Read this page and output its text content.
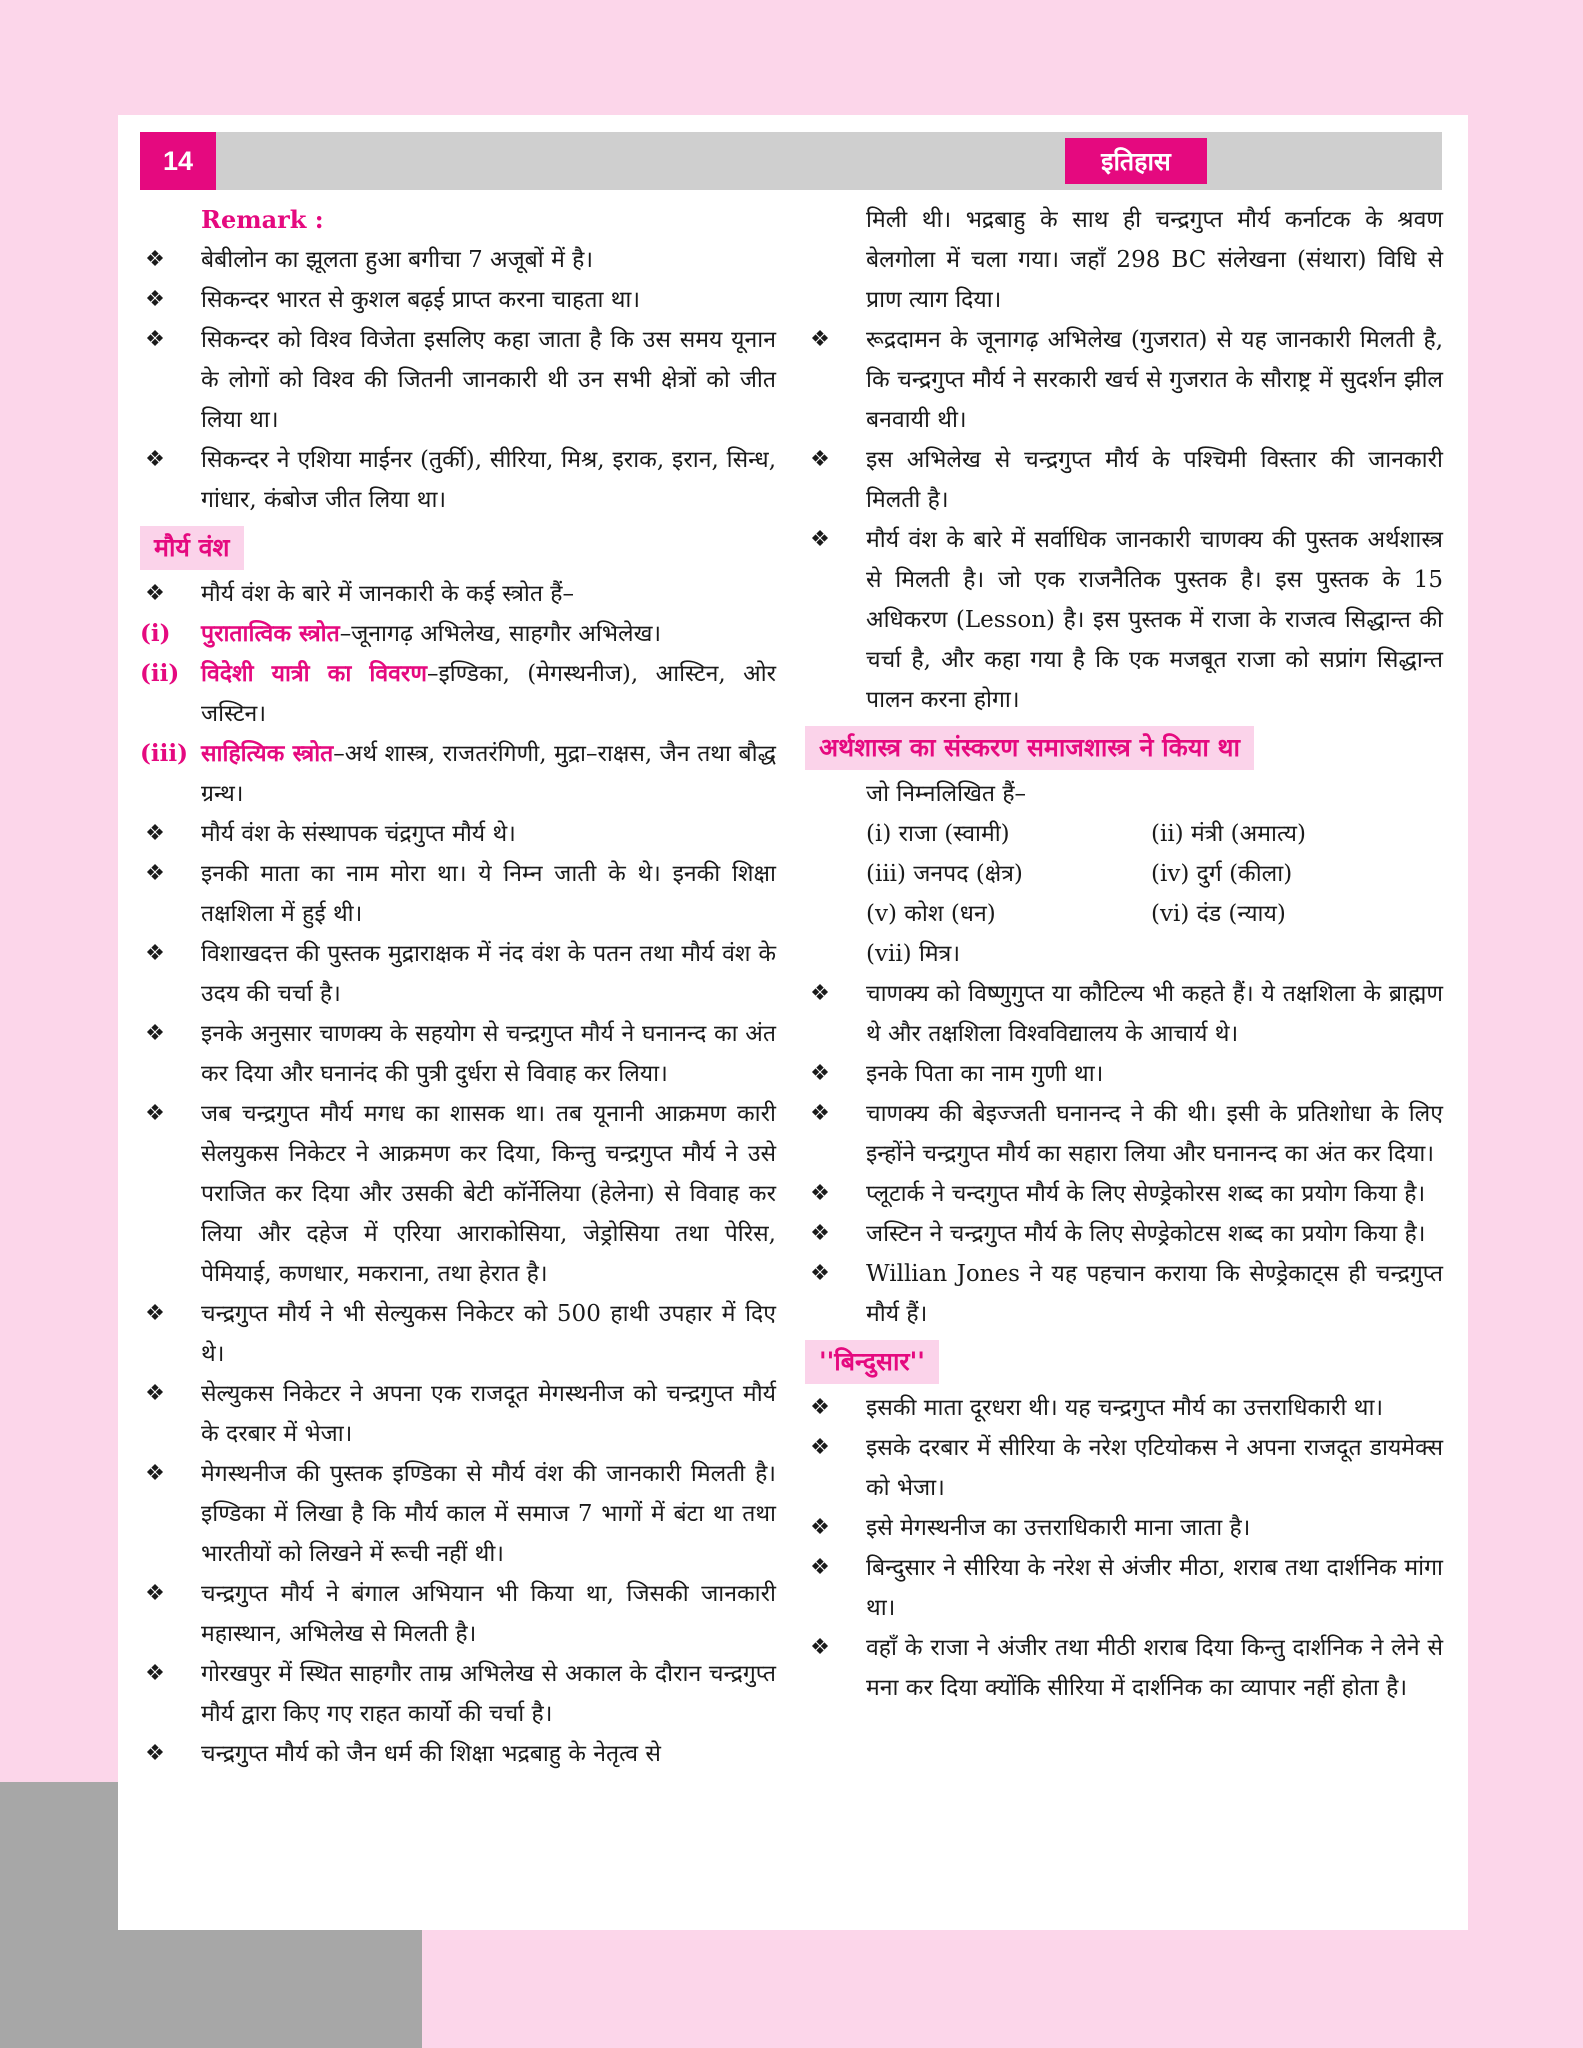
14	इतिहास
Remark :
❖ बेबीलोन का झूलता हुआ बगीचा 7 अजूबों में है।
❖ सिकन्दर भारत से कुशल बढ़ई प्राप्त करना चाहता था।
❖ सिकन्दर को विश्व विजेता इसलिए कहा जाता है कि उस समय यूनान के लोगों को विश्व की जितनी जानकारी थी उन सभी क्षेत्रों को जीत लिया था।
❖ सिकन्दर ने एशिया माईनर (तुर्की), सीरिया, मिश्र, इराक, इरान, सिन्ध, गांधार, कंबोज जीत लिया था।
मौर्य वंश
❖ मौर्य वंश के बारे में जानकारी के कई स्त्रोत हैं–
(i) पुरातात्विक स्त्रोत–जूनागढ़ अभिलेख, साहगौर अभिलेख।
(ii) विदेशी यात्री का विवरण–इण्डिका, (मेगस्थनीज), आस्टिन, ओर जस्टिन।
(iii) साहित्यिक स्त्रोत–अर्थ शास्त्र, राजतरंगिणी, मुद्रा–राक्षस, जैन तथा बौद्ध ग्रन्थ।
❖ मौर्य वंश के संस्थापक चंद्रगुप्त मौर्य थे।
❖ इनकी माता का नाम मोरा था। ये निम्न जाती के थे। इनकी शिक्षा तक्षशिला में हुई थी।
❖ विशाखदत्त की पुस्तक मुद्राराक्षक में नंद वंश के पतन तथा मौर्य वंश के उदय की चर्चा है।
❖ इनके अनुसार चाणक्य के सहयोग से चन्द्रगुप्त मौर्य ने घनानन्द का अंत कर दिया और घनानंद की पुत्री दुर्धरा से विवाह कर लिया।
❖ जब चन्द्रगुप्त मौर्य मगध का शासक था। तब यूनानी आक्रमण कारी सेलयुकस निकेटर ने आक्रमण कर दिया, किन्तु चन्द्रगुप्त मौर्य ने उसे पराजित कर दिया और उसकी बेटी कॉर्नेलिया (हेलेना) से विवाह कर लिया और दहेज में एरिया आराकोसिया, जेड्रोसिया तथा पेरिस, पेमियाई, कणधार, मकराना, तथा हेरात है।
❖ चन्द्रगुप्त मौर्य ने भी सेल्युकस निकेटर को 500 हाथी उपहार में दिए थे।
❖ सेल्युकस निकेटर ने अपना एक राजदूत मेगस्थनीज को चन्द्रगुप्त मौर्य के दरबार में भेजा।
❖ मेगस्थनीज की पुस्तक इण्डिका से मौर्य वंश की जानकारी मिलती है। इण्डिका में लिखा है कि मौर्य काल में समाज 7 भागों में बंटा था तथा भारतीयों को लिखने में रूची नहीं थी।
❖ चन्द्रगुप्त मौर्य ने बंगाल अभियान भी किया था, जिसकी जानकारी महास्थान, अभिलेख से मिलती है।
❖ गोरखपुर में स्थित साहगौर ताम्र अभिलेख से अकाल के दौरान चन्द्रगुप्त मौर्य द्वारा किए गए राहत कार्यो की चर्चा है।
❖ चन्द्रगुप्त मौर्य को जैन धर्म की शिक्षा भद्रबाहु के नेतृत्व से
मिली थी। भद्रबाहु के साथ ही चन्द्रगुप्त मौर्य कर्नाटक के श्रवण बेलगोला में चला गया। जहाँ 298 BC संलेखना (संथारा) विधि से प्राण त्याग दिया।
❖ रूद्रदामन के जूनागढ़ अभिलेख (गुजरात) से यह जानकारी मिलती है, कि चन्द्रगुप्त मौर्य ने सरकारी खर्च से गुजरात के सौराष्ट्र में सुदर्शन झील बनवायी थी।
❖ इस अभिलेख से चन्द्रगुप्त मौर्य के पश्चिमी विस्तार की जानकारी मिलती है।
❖ मौर्य वंश के बारे में सर्वाधिक जानकारी चाणक्य की पुस्तक अर्थशास्त्र से मिलती है। जो एक राजनैतिक पुस्तक है। इस पुस्तक के 15 अधिकरण (Lesson) है। इस पुस्तक में राजा के राजत्व सिद्धान्त की चर्चा है, और कहा गया है कि एक मजबूत राजा को सप्रांग सिद्धान्त पालन करना होगा।
अर्थशास्त्र का संस्करण समाजशास्त्र ने किया था
जो निम्नलिखित हैं–
(i) राजा (स्वामी)	(ii) मंत्री (अमात्य)
(iii) जनपद (क्षेत्र)	(iv) दुर्ग (कीला)
(v) कोश (धन)	(vi) दंड (न्याय)
(vii) मित्र।
❖ चाणक्य को विष्णुगुप्त या कौटिल्य भी कहते हैं। ये तक्षशिला के ब्राह्मण थे और तक्षशिला विश्वविद्यालय के आचार्य थे।
❖ इनके पिता का नाम गुणी था।
❖ चाणक्य की बेइज्जती घनानन्द ने की थी। इसी के प्रतिशोधा के लिए इन्होंने चन्द्रगुप्त मौर्य का सहारा लिया और घनानन्द का अंत कर दिया।
❖ प्लूटार्क ने चन्दगुप्त मौर्य के लिए सेण्ड्रेकोरस शब्द का प्रयोग किया है।
❖ जस्टिन ने चन्द्रगुप्त मौर्य के लिए सेण्ड्रेकोटस शब्द का प्रयोग किया है।
❖ Willian Jones ने यह पहचान कराया कि सेण्ड्रेकाट्स ही चन्द्रगुप्त मौर्य हैं।
''बिन्दुसार''
❖ इसकी माता दूरधरा थी। यह चन्द्रगुप्त मौर्य का उत्तराधिकारी था।
❖ इसके दरबार में सीरिया के नरेश एटियोकस ने अपना राजदूत डायमेक्स को भेजा।
❖ इसे मेगस्थनीज का उत्तराधिकारी माना जाता है।
❖ बिन्दुसार ने सीरिया के नरेश से अंजीर मीठा, शराब तथा दार्शनिक मांगा था।
❖ वहाँ के राजा ने अंजीर तथा मीठी शराब दिया किन्तु दार्शनिक ने लेने से मना कर दिया क्योंकि सीरिया में दार्शनिक का व्यापार नहीं होता है।
